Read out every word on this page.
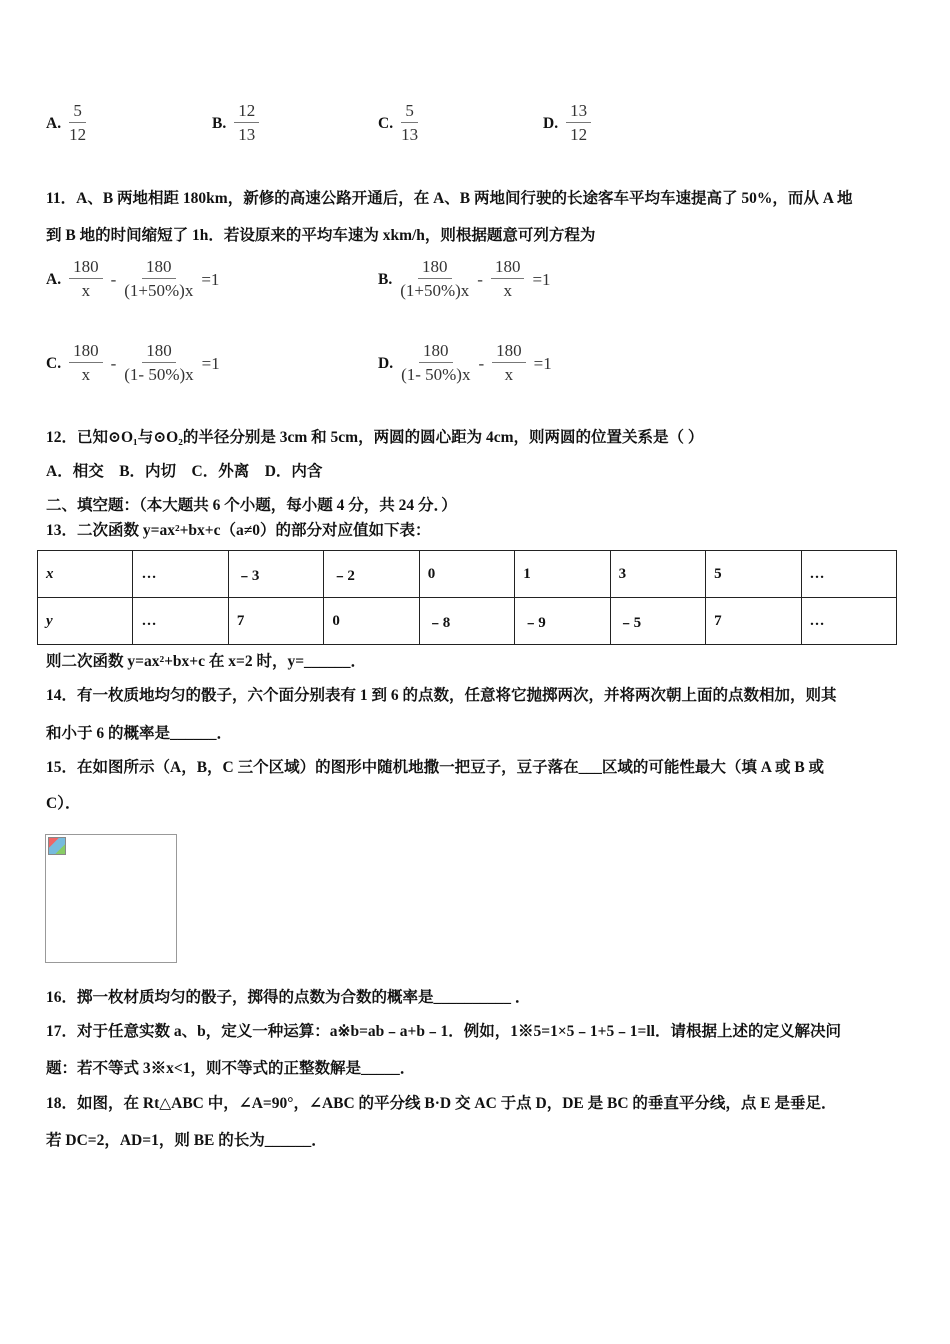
A. $\frac{5}{12}$	B. $\frac{12}{13}$	C. $\frac{5}{13}$	D. $\frac{13}{12}$
11．A、B 两地相距 180km，新修的高速公路开通后，在 A、B 两地间行驶的长途客车平均车速提高了 50%，而从 A 地
到 B 地的时间缩短了 1h．若设原来的平均车速为 xkm/h，则根据题意可列方程为
A. $\frac{180}{x} - \frac{180}{(1+50\%)x} =1$	B. $\frac{180}{(1+50\%)x} - \frac{180}{x} =1$
C. $\frac{180}{x} - \frac{180}{(1- 50\%)x} =1$	D. $\frac{180}{(1- 50\%)x} - \frac{180}{x} =1$
12．已知⊙O₁与⊙O₂的半径分别是 3cm 和 5cm，两圆的圆心距为 4cm，则两圆的位置关系是（ ）
A．相交　B．内切　C．外离　D．内含
二、填空题：（本大题共 6 个小题，每小题 4 分，共 24 分．）
13．二次函数 y=ax²+bx+c（a≠0）的部分对应值如下表：
x	…	﹣3	﹣2	0	1	3	5	…
y	…	7	0	﹣8	﹣9	﹣5	7	…
则二次函数 y=ax²+bx+c 在 x=2 时，y=______．
14．有一枚质地均匀的骰子，六个面分别表有 1 到 6 的点数，任意将它抛掷两次，并将两次朝上面的点数相加，则其
和小于 6 的概率是______．
15．在如图所示（A，B，C 三个区域）的图形中随机地撒一把豆子，豆子落在___区域的可能性最大（填 A 或 B 或
C）．
16．掷一枚材质均匀的骰子，掷得的点数为合数的概率是__________ ．
17．对于任意实数 a、b，定义一种运算：a※b=ab﹣a+b﹣1．例如，1※5=1×5﹣1+5﹣1=ll．请根据上述的定义解决问
题：若不等式 3※x<1，则不等式的正整数解是_____．
18．如图，在 Rt△ABC 中，∠A=90°，∠ABC 的平分线 B·D 交 AC 于点 D，DE 是 BC 的垂直平分线，点 E 是垂足．
若 DC=2，AD=1，则 BE 的长为______．
